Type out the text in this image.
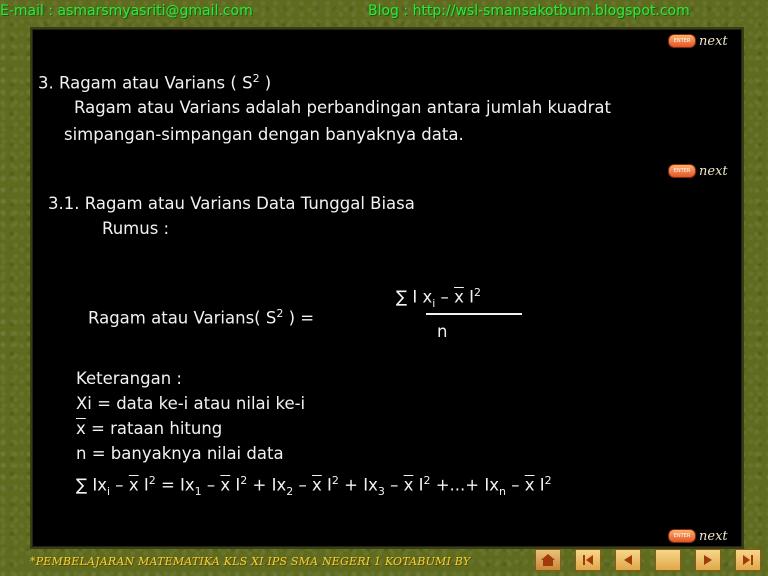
E-mail : asmarsmyasriti@gmail.com	Blog : http://wsl-smansakotbum.blogspot.com
ENTER next
ENTER next
ENTER next
3. Ragam atau Varians ( $S^2$ )
Ragam atau Varians adalah perbandingan antara jumlah kuadrat
simpangan-simpangan dengan banyaknya data.
3.1. Ragam atau Varians Data Tunggal Biasa
Rumus :
Ragam atau Varians( $S^2$ ) =
∑ I $x_i - \overline{x}$ $I^2$
n
Keterangan :
Xi = data ke-i atau nilai ke-i
$\overline{x}$ = rataan hitung
n = banyaknya nilai data
∑ $Ix_i - \overline{x}$ $I^2 = Ix_1 - \overline{x}$ $I^2 + Ix_2 - \overline{x}$ $I^2 + Ix_3 - \overline{x}$ $I^2$ +...+ $Ix_n - \overline{x}$ $I^2$
*PEMBELAJARAN MATEMATIKA KLS XI IPS SMA NEGERI 1 KOTABUMI BY
